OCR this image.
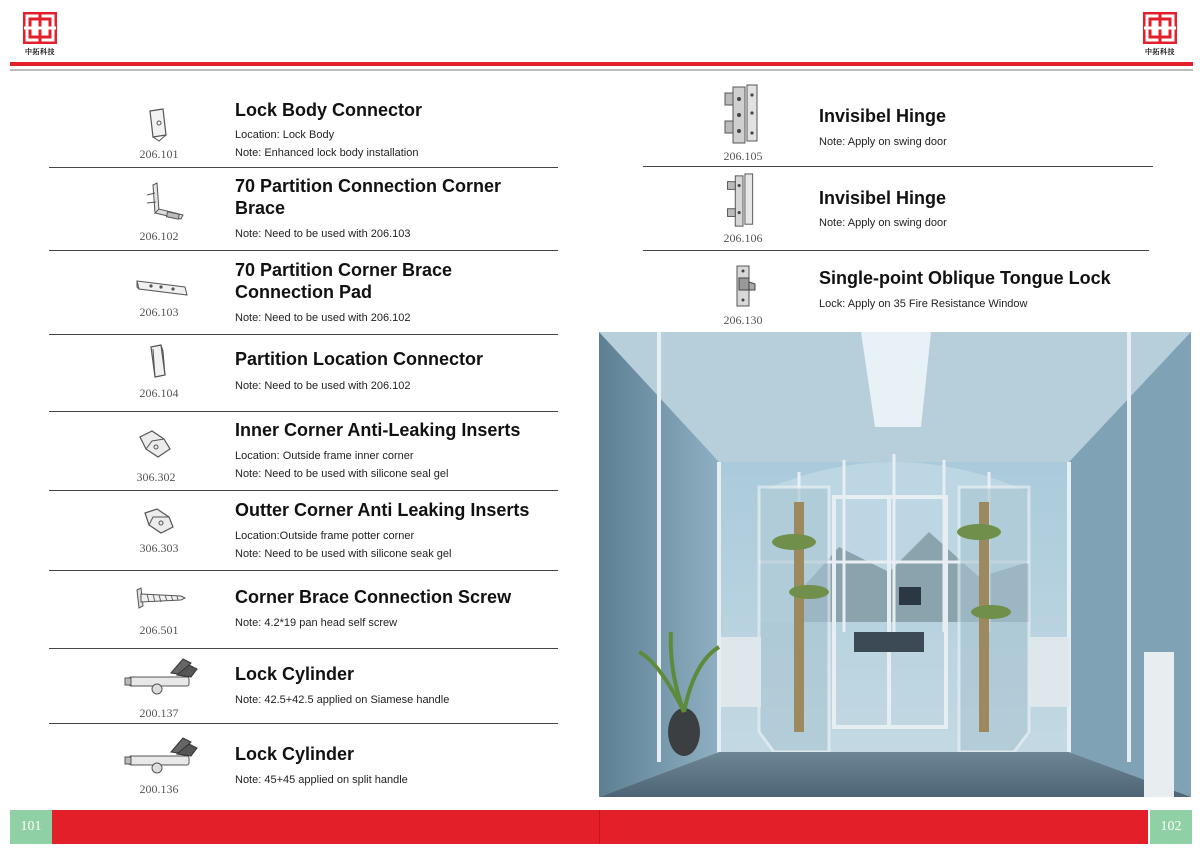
中拓科技	中拓科技
206.101
Lock Body Connector
Location: Lock Body
Note: Enhanced lock body installation
206.102
70 Partition Connection Corner Brace
Note: Need to be used with 206.103
206.103
70 Partition Corner Brace Connection Pad
Note: Need to be used with 206.102
206.104
Partition Location Connector
Note: Need to be used with 206.102
306.302
Inner Corner Anti-Leaking Inserts
Location: Outside frame inner corner
Note: Need to be used with silicone seal gel
306.303
Outter Corner Anti Leaking Inserts
Location:Outside frame potter corner
Note: Need to be used with silicone seak gel
206.501
Corner Brace Connection Screw
Note: 4.2*19 pan head self screw
200.137
Lock Cylinder
Note: 42.5+42.5 applied on Siamese handle
200.136
Lock Cylinder
Note: 45+45 applied on split handle
206.105
Invisibel Hinge
Note: Apply on swing door
206.106
Invisibel Hinge
Note: Apply on swing door
206.130
Single-point Oblique Tongue Lock
Lock: Apply on 35 Fire Resistance Window
101	102
